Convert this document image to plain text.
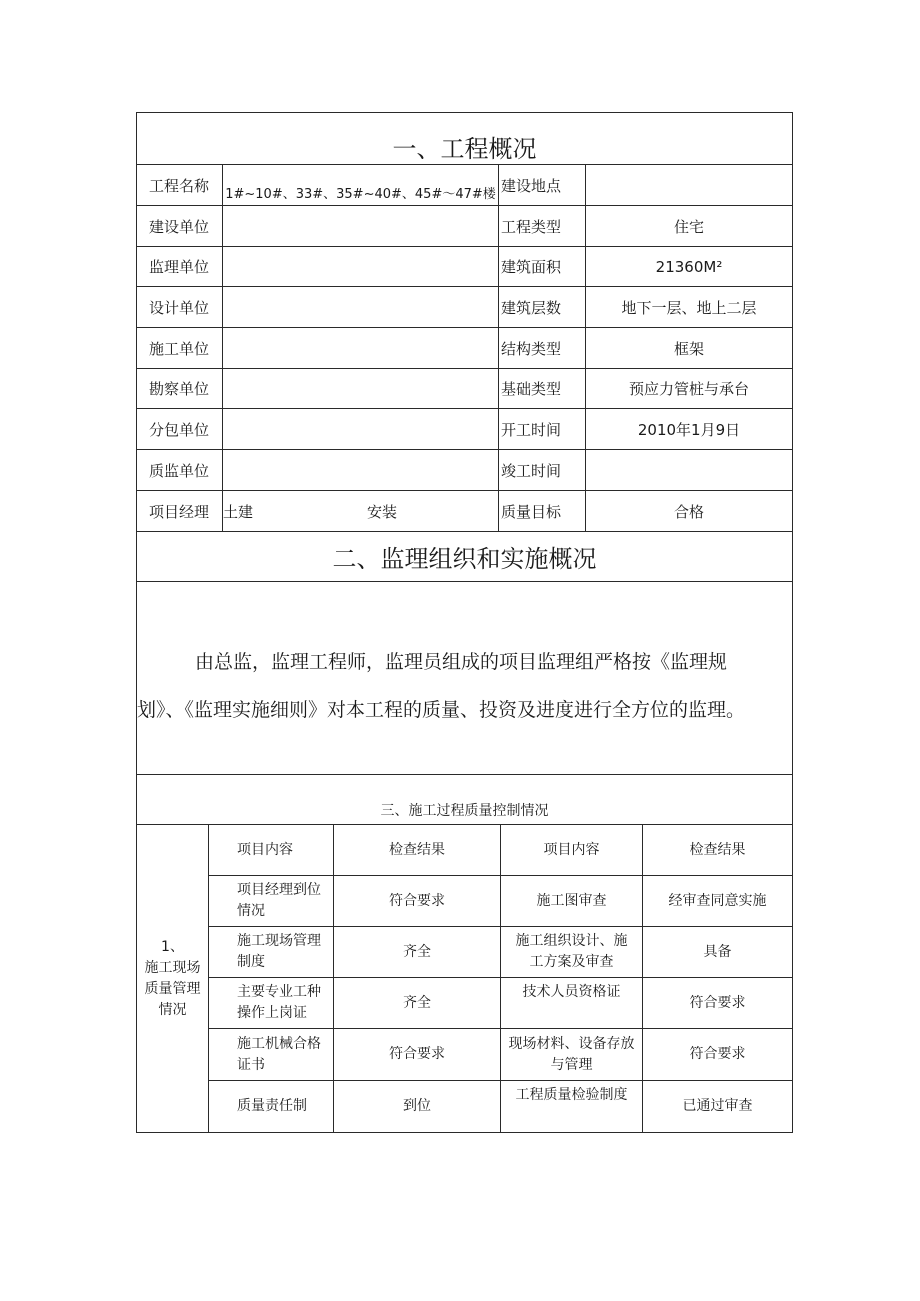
一、工程概况			
工程名称	1#~10#、33#、35#~40#、45#～47#楼	建设地点	
建设单位		工程类型	住宅
监理单位		建筑面积	21360M²
设计单位		建筑层数	地下一层、地上二层
施工单位		结构类型	框架
勘察单位		基础类型	预应力管桩与承台
分包单位		开工时间	2010年1月9日
质监单位		竣工时间	
项目经理	土建 安装	质量目标	合格
二、监理组织和实施概况			

由总监，监理工程师，监理员组成的项目监理组严格按《监理规
划》、《监理实施细则》对本工程的质量、投资及进度进行全方位的监理。			
三、施工过程质量控制情况				

1、
施工现场质量管理情况	项目内容	检查结果	项目内容	检查结果
	项目经理到位情况	符合要求	施工图审查	经审查同意实施
	施工现场管理制度	齐全	施工组织设计、施工方案及审查	具备
	主要专业工种操作上岗证	齐全	技术人员资格证	符合要求
	施工机械合格证书	符合要求	现场材料、设备存放与管理	符合要求
	质量责任制	到位	工程质量检验制度	已通过审查
